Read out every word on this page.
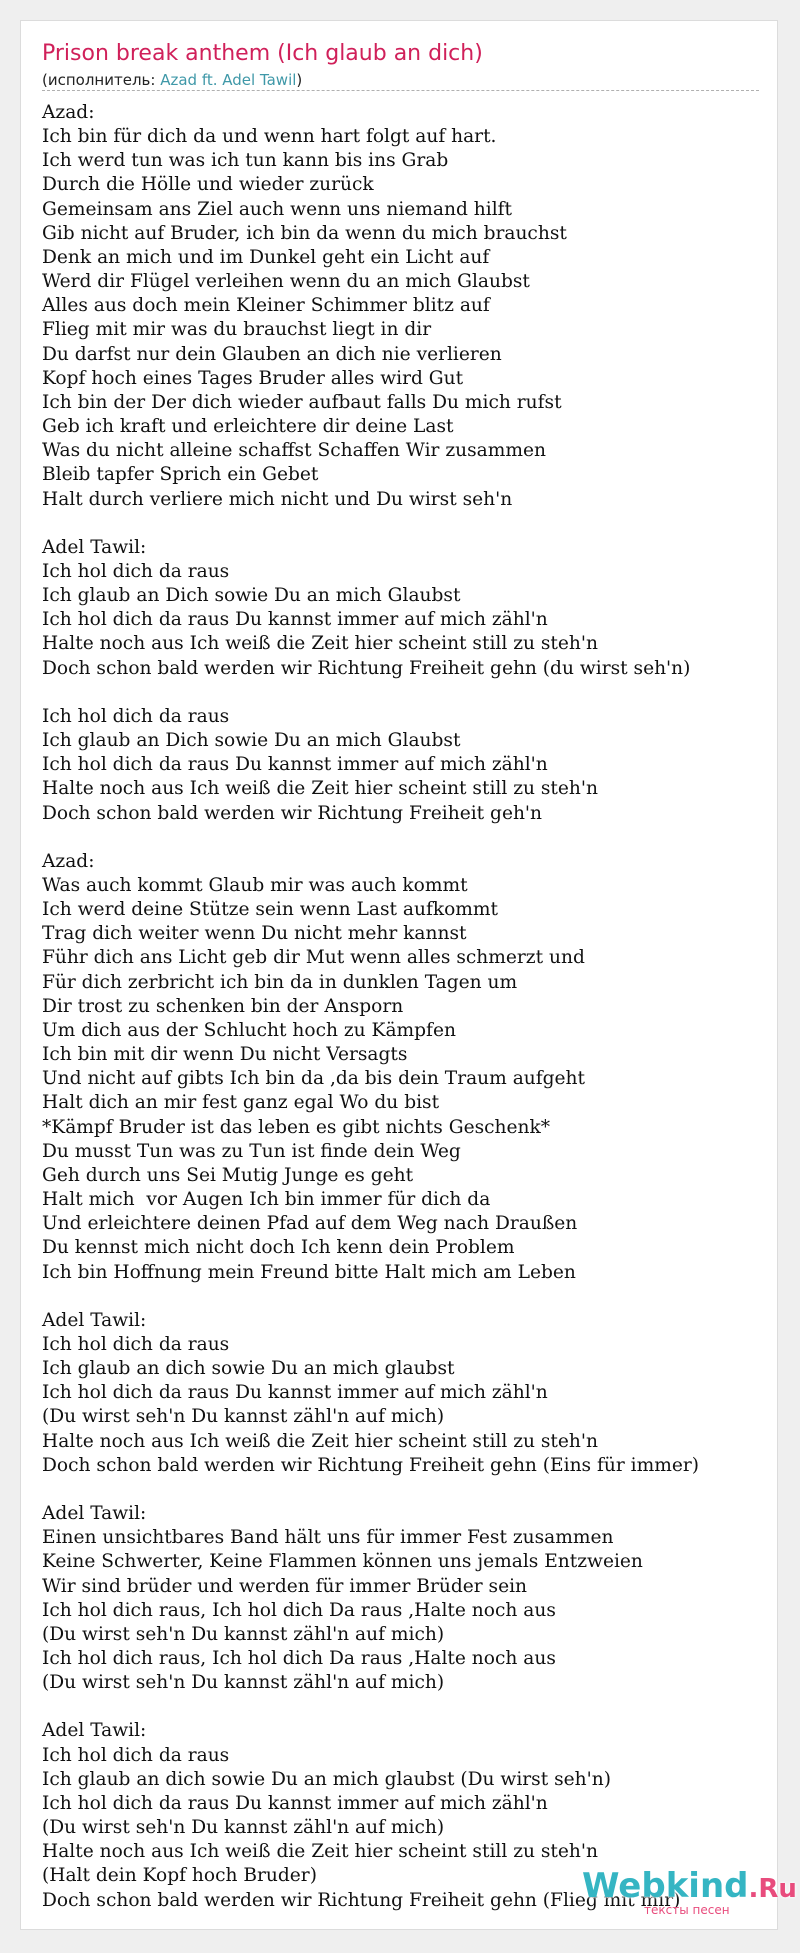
Prison break anthem (Ich glaub an dich)
(исполнитель: Azad ft. Adel Tawil)
Azad:
Ich bin für dich da und wenn hart folgt auf hart.
Ich werd tun was ich tun kann bis ins Grab
Durch die Hölle und wieder zurück
Gemeinsam ans Ziel auch wenn uns niemand hilft
Gib nicht auf Bruder, ich bin da wenn du mich brauchst
Denk an mich und im Dunkel geht ein Licht auf
Werd dir Flügel verleihen wenn du an mich Glaubst
Alles aus doch mein Kleiner Schimmer blitz auf
Flieg mit mir was du brauchst liegt in dir
Du darfst nur dein Glauben an dich nie verlieren
Kopf hoch eines Tages Bruder alles wird Gut
Ich bin der Der dich wieder aufbaut falls Du mich rufst
Geb ich kraft und erleichtere dir deine Last
Was du nicht alleine schaffst Schaffen Wir zusammen
Bleib tapfer Sprich ein Gebet
Halt durch verliere mich nicht und Du wirst seh'n

Adel Tawil:
Ich hol dich da raus
Ich glaub an Dich sowie Du an mich Glaubst
Ich hol dich da raus Du kannst immer auf mich zähl'n
Halte noch aus Ich weiß die Zeit hier scheint still zu steh'n
Doch schon bald werden wir Richtung Freiheit gehn (du wirst seh'n)

Ich hol dich da raus
Ich glaub an Dich sowie Du an mich Glaubst
Ich hol dich da raus Du kannst immer auf mich zähl'n
Halte noch aus Ich weiß die Zeit hier scheint still zu steh'n
Doch schon bald werden wir Richtung Freiheit geh'n

Azad:
Was auch kommt Glaub mir was auch kommt
Ich werd deine Stütze sein wenn Last aufkommt
Trag dich weiter wenn Du nicht mehr kannst
Führ dich ans Licht geb dir Mut wenn alles schmerzt und
Für dich zerbricht ich bin da in dunklen Tagen um
Dir trost zu schenken bin der Ansporn
Um dich aus der Schlucht hoch zu Kämpfen
Ich bin mit dir wenn Du nicht Versagts
Und nicht auf gibts Ich bin da ,da bis dein Traum aufgeht
Halt dich an mir fest ganz egal Wo du bist
*Kämpf Bruder ist das leben es gibt nichts Geschenk*
Du musst Tun was zu Tun ist finde dein Weg
Geh durch uns Sei Mutig Junge es geht
Halt mich  vor Augen Ich bin immer für dich da
Und erleichtere deinen Pfad auf dem Weg nach Draußen
Du kennst mich nicht doch Ich kenn dein Problem
Ich bin Hoffnung mein Freund bitte Halt mich am Leben

Adel Tawil:
Ich hol dich da raus
Ich glaub an dich sowie Du an mich glaubst
Ich hol dich da raus Du kannst immer auf mich zähl'n
(Du wirst seh'n Du kannst zähl'n auf mich)
Halte noch aus Ich weiß die Zeit hier scheint still zu steh'n
Doch schon bald werden wir Richtung Freiheit gehn (Eins für immer)

Adel Tawil:
Einen unsichtbares Band hält uns für immer Fest zusammen
Keine Schwerter, Keine Flammen können uns jemals Entzweien
Wir sind brüder und werden für immer Brüder sein
Ich hol dich raus, Ich hol dich Da raus ,Halte noch aus
(Du wirst seh'n Du kannst zähl'n auf mich)
Ich hol dich raus, Ich hol dich Da raus ,Halte noch aus
(Du wirst seh'n Du kannst zähl'n auf mich)

Adel Tawil:
Ich hol dich da raus
Ich glaub an dich sowie Du an mich glaubst (Du wirst seh'n)
Ich hol dich da raus Du kannst immer auf mich zähl'n
(Du wirst seh'n Du kannst zähl'n auf mich)
Halte noch aus Ich weiß die Zeit hier scheint still zu steh'n
(Halt dein Kopf hoch Bruder)
Doch schon bald werden wir Richtung Freiheit gehn (Flieg mit mir)
Webkind.Ru
тексты песен
